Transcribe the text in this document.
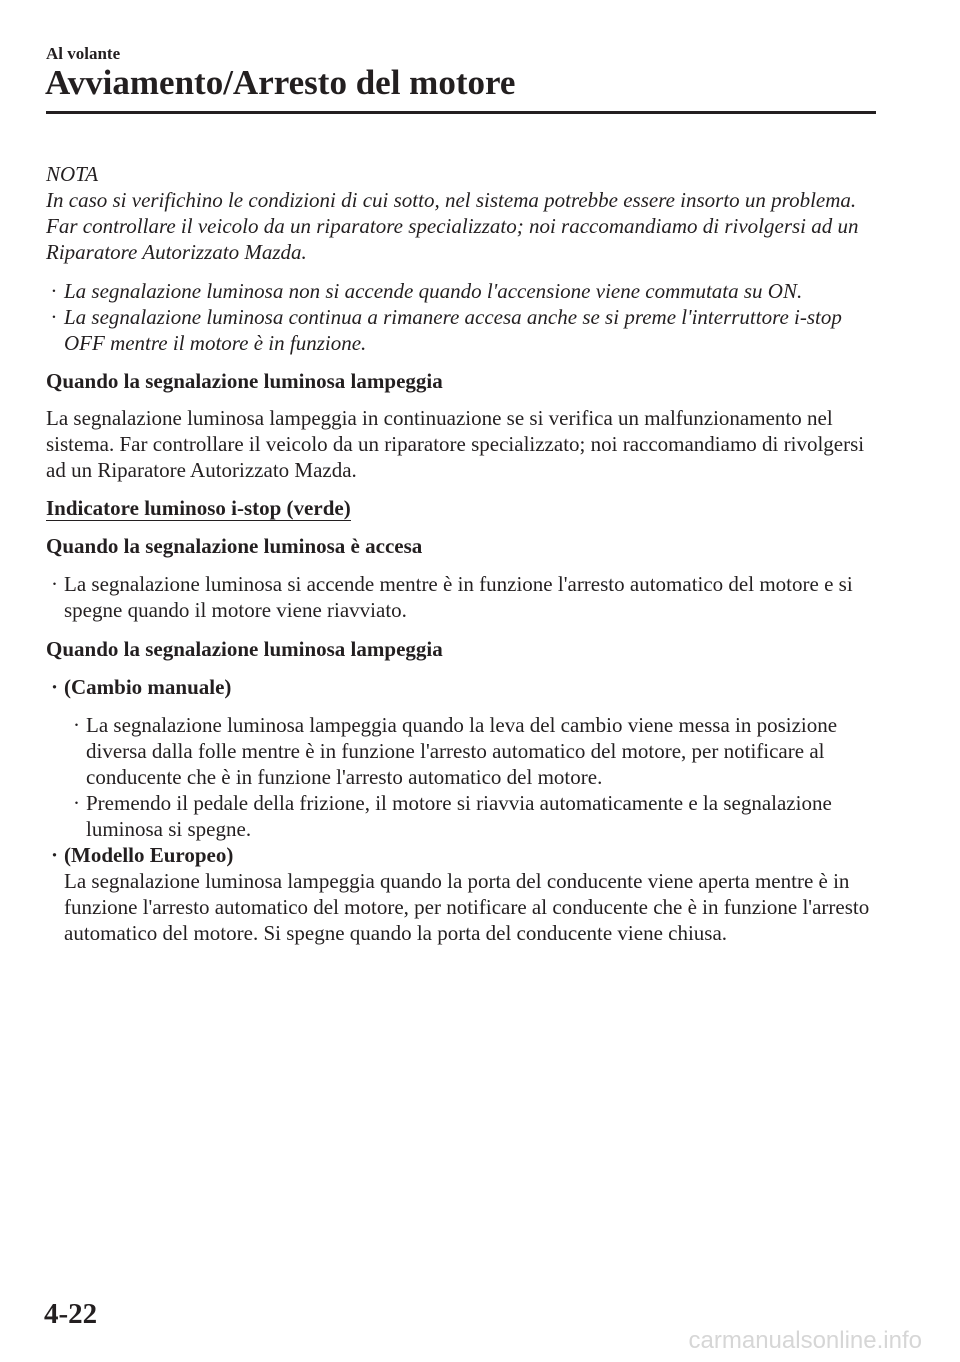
Al volante
Avviamento/Arresto del motore

NOTA

In caso si verifichino le condizioni di cui sotto, nel sistema potrebbe essere insorto un problema. Far controllare il veicolo da un riparatore specializzato; noi raccomandiamo di rivolgersi ad un Riparatore Autorizzato Mazda.

· La segnalazione luminosa non si accende quando l'accensione viene commutata su ON.
· La segnalazione luminosa continua a rimanere accesa anche se si preme l'interruttore i-stop OFF mentre il motore è in funzione.

Quando la segnalazione luminosa lampeggia

La segnalazione luminosa lampeggia in continuazione se si verifica un malfunzionamento nel sistema. Far controllare il veicolo da un riparatore specializzato; noi raccomandiamo di rivolgersi ad un Riparatore Autorizzato Mazda.

Indicatore luminoso i-stop (verde)

Quando la segnalazione luminosa è accesa

· La segnalazione luminosa si accende mentre è in funzione l'arresto automatico del motore e si spegne quando il motore viene riavviato.

Quando la segnalazione luminosa lampeggia

· (Cambio manuale)
· La segnalazione luminosa lampeggia quando la leva del cambio viene messa in posizione diversa dalla folle mentre è in funzione l'arresto automatico del motore, per notificare al conducente che è in funzione l'arresto automatico del motore.
· Premendo il pedale della frizione, il motore si riavvia automaticamente e la segnalazione luminosa si spegne.
· (Modello Europeo)

La segnalazione luminosa lampeggia quando la porta del conducente viene aperta mentre è in funzione l'arresto automatico del motore, per notificare al conducente che è in funzione l'arresto automatico del motore. Si spegne quando la porta del conducente viene chiusa.

4-22
carmanualsonline.info
